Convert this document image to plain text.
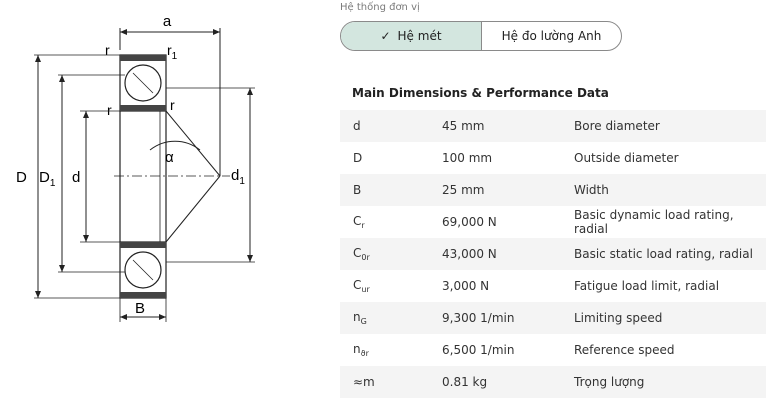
a
α
r	$r_1$
r	r
D $D_1$ d	$d_1$
B
Hệ thống đơn vị
✓ Hệ mét	Hệ đo lường Anh
Main Dimensions & Performance Data
d	45 mm	Bore diameter
D	100 mm	Outside diameter
B	25 mm	Width
$C_r$	69,000 N	Basic dynamic load rating, radial
$C_{0r}$	43,000 N	Basic static load rating, radial
$C_{ur}$	3,000 N	Fatigue load limit, radial
$n_G$	9,300 1/min	Limiting speed
$n_{ϑr}$	6,500 1/min	Reference speed
≈m	0.81 kg	Trọng lượng
